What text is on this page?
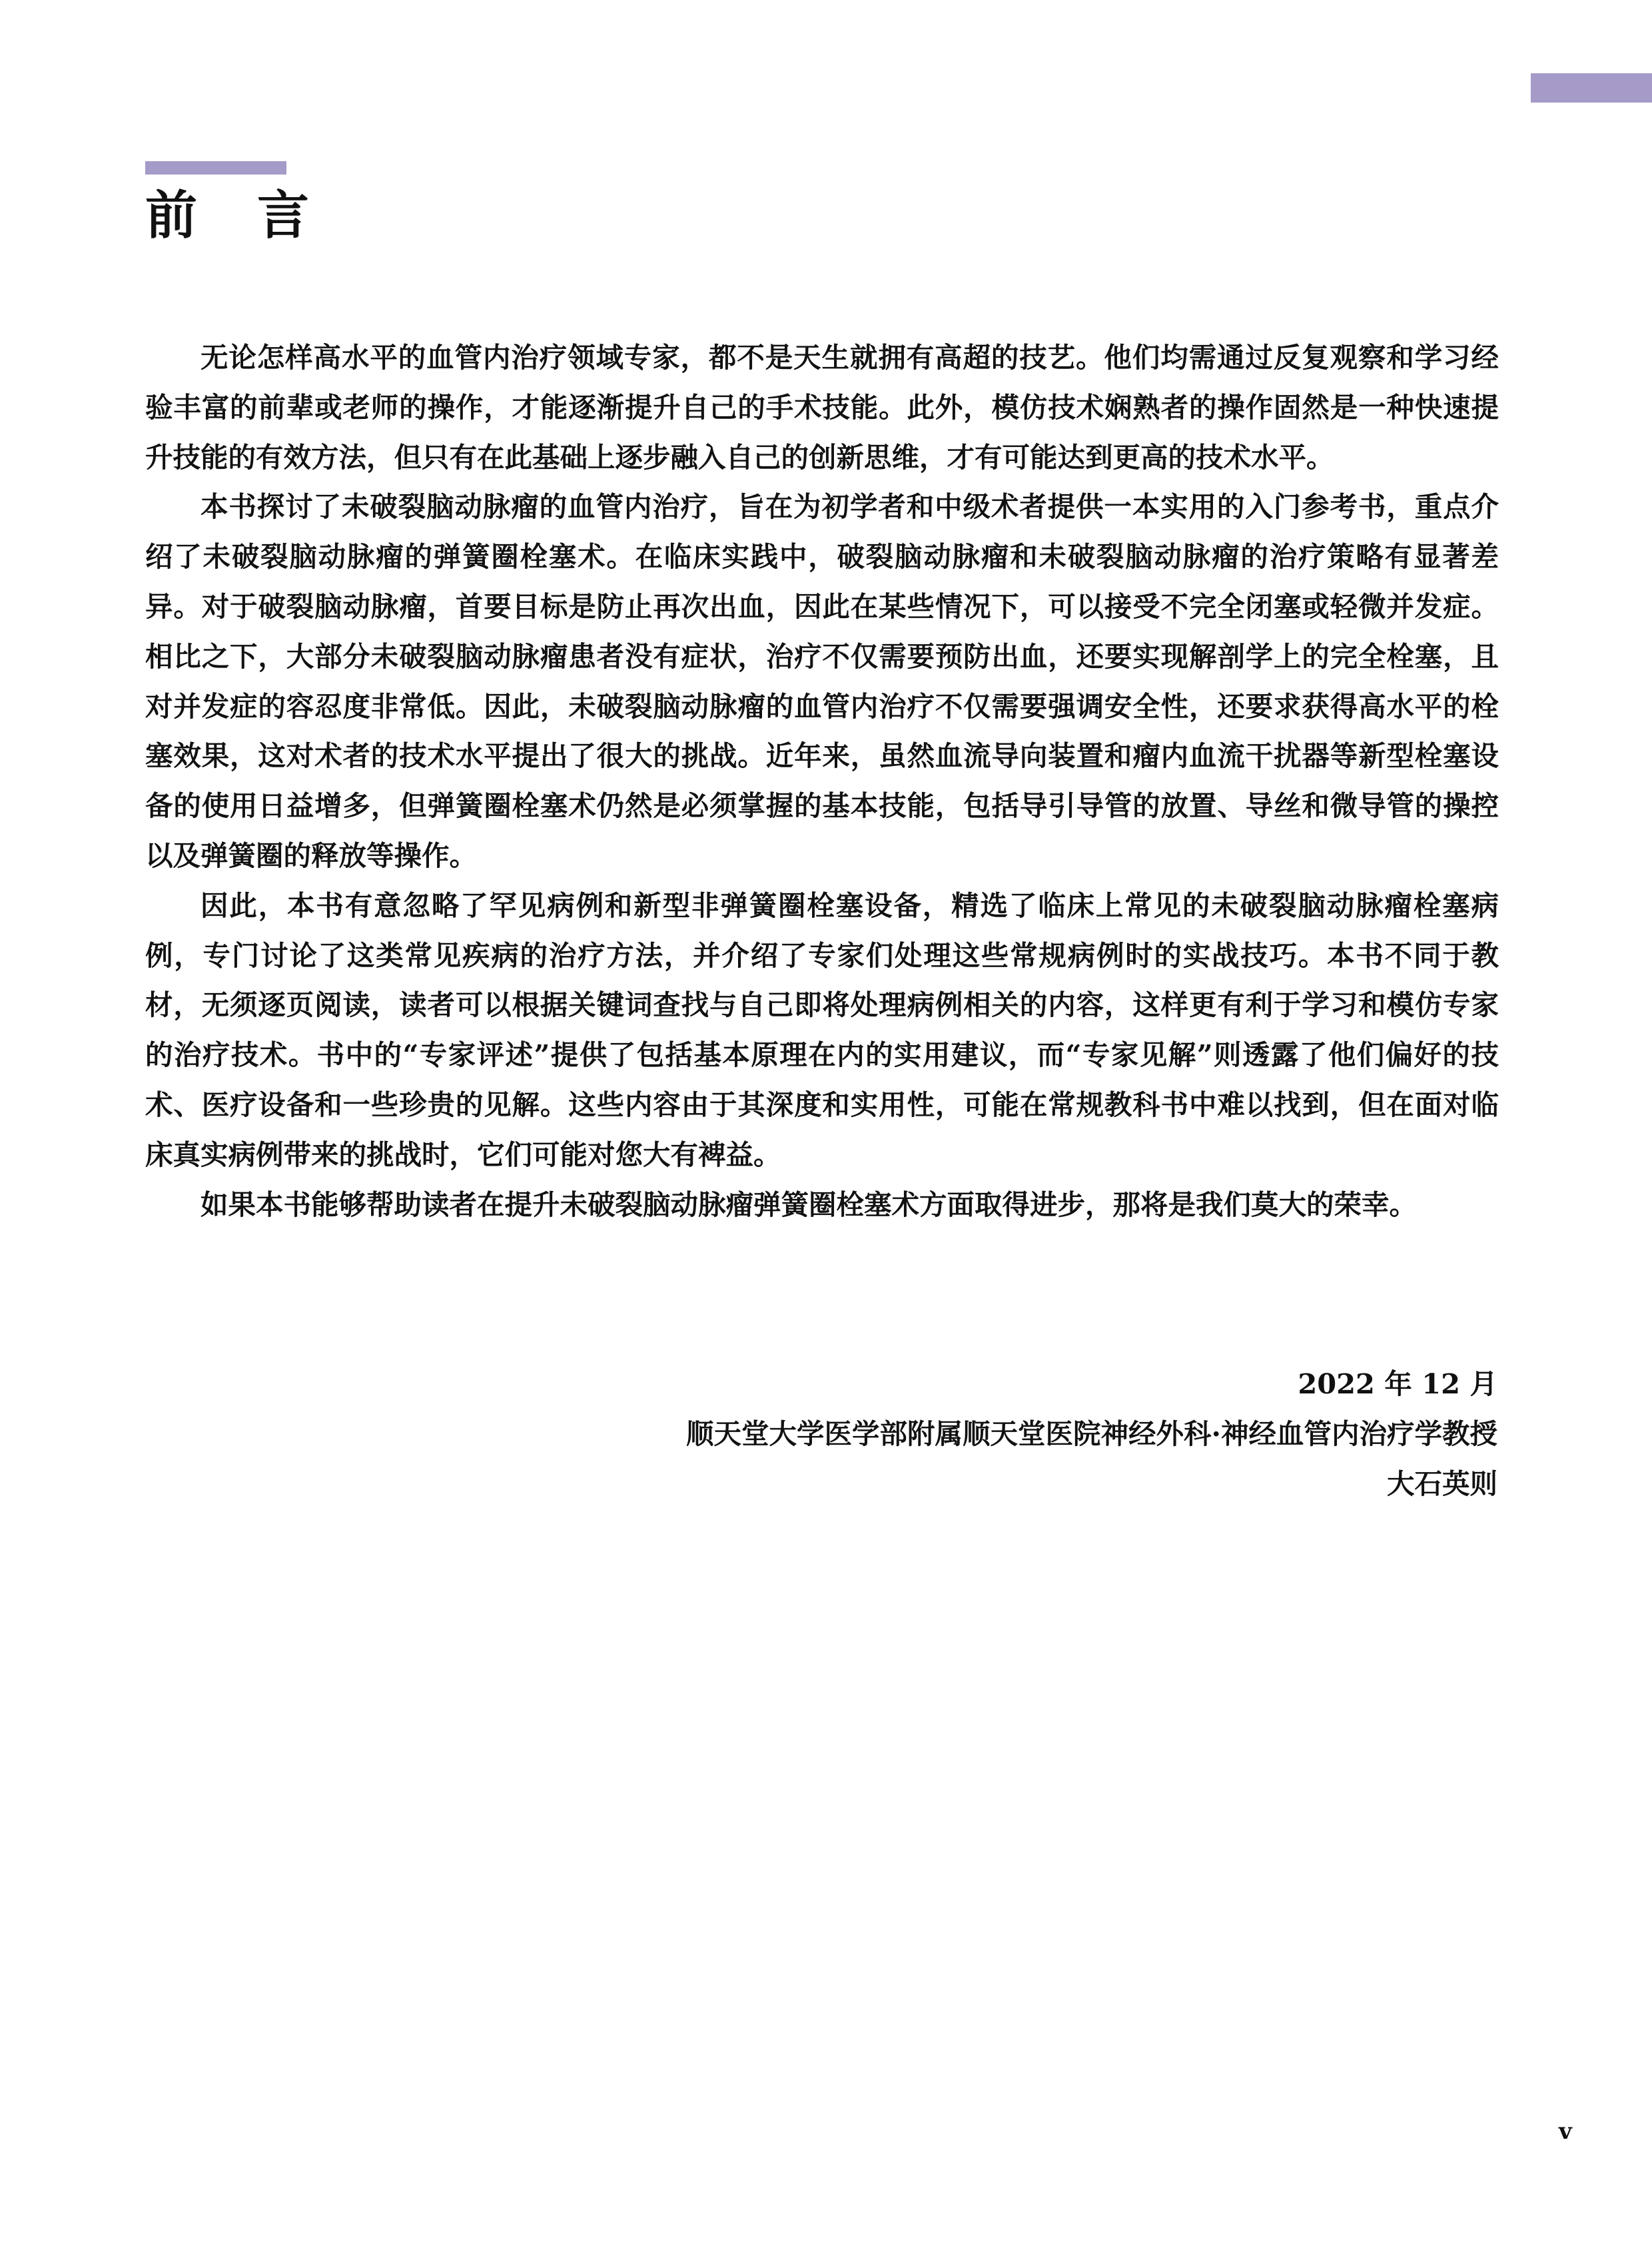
前言

无论怎样高水平的血管内治疗领域专家，都不是天生就拥有高超的技艺。他们均需通过反复观察和学习经验丰富的前辈或老师的操作，才能逐渐提升自己的手术技能。此外，模仿技术娴熟者的操作固然是一种快速提升技能的有效方法，但只有在此基础上逐步融入自己的创新思维，才有可能达到更高的技术水平。

本书探讨了未破裂脑动脉瘤的血管内治疗，旨在为初学者和中级术者提供一本实用的入门参考书，重点介绍了未破裂脑动脉瘤的弹簧圈栓塞术。在临床实践中，破裂脑动脉瘤和未破裂脑动脉瘤的治疗策略有显著差异。对于破裂脑动脉瘤，首要目标是防止再次出血，因此在某些情况下，可以接受不完全闭塞或轻微并发症。相比之下，大部分未破裂脑动脉瘤患者没有症状，治疗不仅需要预防出血，还要实现解剖学上的完全栓塞，且对并发症的容忍度非常低。因此，未破裂脑动脉瘤的血管内治疗不仅需要强调安全性，还要求获得高水平的栓塞效果，这对术者的技术水平提出了很大的挑战。近年来，虽然血流导向装置和瘤内血流干扰器等新型栓塞设备的使用日益增多，但弹簧圈栓塞术仍然是必须掌握的基本技能，包括导引导管的放置、导丝和微导管的操控以及弹簧圈的释放等操作。

因此，本书有意忽略了罕见病例和新型非弹簧圈栓塞设备，精选了临床上常见的未破裂脑动脉瘤栓塞病例，专门讨论了这类常见疾病的治疗方法，并介绍了专家们处理这些常规病例时的实战技巧。本书不同于教材，无须逐页阅读，读者可以根据关键词查找与自己即将处理病例相关的内容，这样更有利于学习和模仿专家的治疗技术。书中的“专家评述”提供了包括基本原理在内的实用建议，而“专家见解”则透露了他们偏好的技术、医疗设备和一些珍贵的见解。这些内容由于其深度和实用性，可能在常规教科书中难以找到，但在面对临床真实病例带来的挑战时，它们可能对您大有裨益。

如果本书能够帮助读者在提升未破裂脑动脉瘤弹簧圈栓塞术方面取得进步，那将是我们莫大的荣幸。

2022 年 12 月
顺天堂大学医学部附属顺天堂医院神经外科·神经血管内治疗学教授
大石英则
v
